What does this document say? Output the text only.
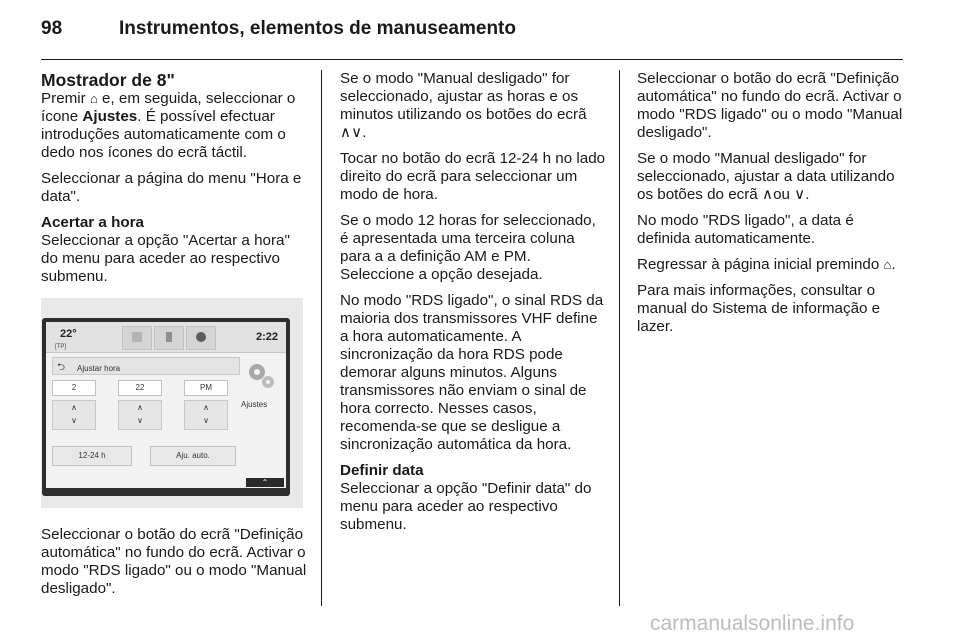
98	Instrumentos, elementos de manuseamento
Mostrador de 8"

Premir ⌂ e, em seguida, seleccionar o ícone Ajustes. É possível efectuar introduções automaticamente com o dedo nos ícones do ecrã táctil.

Seleccionar a página do menu "Hora e data".

Acertar a hora

Seleccionar a opção "Acertar a hora" do menu para aceder ao respectivo submenu.

22°
[TP]
2:22
⮌ Ajustar hora
2	22	PM
∧
∨
∧
∨
∧
∨
12-24 h	Aju. auto.
Ajustes
⌃

Seleccionar o botão do ecrã "Definição automática" no fundo do ecrã. Activar o modo "RDS ligado" ou o modo "Manual desligado".

Se o modo "Manual desligado" for seleccionado, ajustar as horas e os minutos utilizando os botões do ecrã ∧∨.

Tocar no botão do ecrã 12-24 h no lado direito do ecrã para seleccionar um modo de hora.

Se o modo 12 horas for seleccionado, é apresentada uma terceira coluna para a a definição AM e PM. Seleccione a opção desejada.

No modo "RDS ligado", o sinal RDS da maioria dos transmissores VHF define a hora automaticamente. A sincronização da hora RDS pode demorar alguns minutos. Alguns transmissores não enviam o sinal de hora correcto. Nesses casos, recomenda-se que se desligue a sincronização automática da hora.

Definir data

Seleccionar a opção "Definir data" do menu para aceder ao respectivo submenu.

Seleccionar o botão do ecrã "Definição automática" no fundo do ecrã. Activar o modo "RDS ligado" ou o modo "Manual desligado".

Se o modo "Manual desligado" for seleccionado, ajustar a data utilizando os botões do ecrã ∧ou ∨.

No modo "RDS ligado", a data é definida automaticamente.

Regressar à página inicial premindo ⌂.

Para mais informações, consultar o manual do Sistema de informação e lazer.

carmanualsonline.info
